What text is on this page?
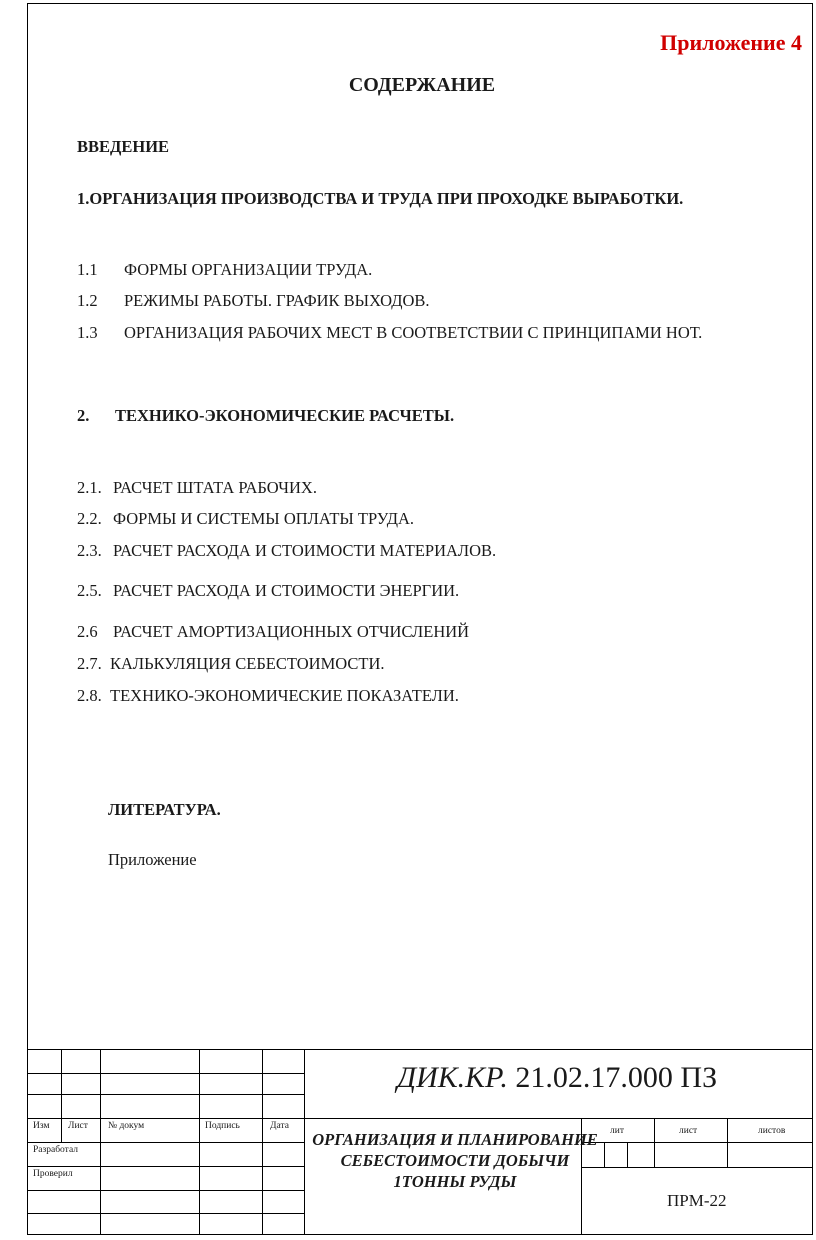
Приложение 4
СОДЕРЖАНИЕ
ВВЕДЕНИЕ
1.ОРГАНИЗАЦИЯ ПРОИЗВОДСТВА И ТРУДА ПРИ ПРОХОДКЕ ВЫРАБОТКИ.
1.1 ФОРМЫ ОРГАНИЗАЦИИ ТРУДА.
1.2 РЕЖИМЫ РАБОТЫ. ГРАФИК ВЫХОДОВ.
1.3 ОРГАНИЗАЦИЯ РАБОЧИХ МЕСТ В СООТВЕТСТВИИ С ПРИНЦИПАМИ НОТ.
2. ТЕХНИКО-ЭКОНОМИЧЕСКИЕ РАСЧЕТЫ.
2.1. РАСЧЕТ ШТАТА РАБОЧИХ.
2.2. ФОРМЫ И СИСТЕМЫ ОПЛАТЫ ТРУДА.
2.3. РАСЧЕТ РАСХОДА И СТОИМОСТИ МАТЕРИАЛОВ.
2.5. РАСЧЕТ РАСХОДА И СТОИМОСТИ ЭНЕРГИИ.
2.6 РАСЧЕТ АМОРТИЗАЦИОННЫХ ОТЧИСЛЕНИЙ
2.7. КАЛЬКУЛЯЦИЯ СЕБЕСТОИМОСТИ.
2.8. ТЕХНИКО-ЭКОНОМИЧЕСКИЕ ПОКАЗАТЕЛИ.
ЛИТЕРАТУРА.
Приложение
Изм Лист № докум	Подпись	Дата
Разработал
Проверил
ДИК.КР. 21.02.17.000 ПЗ
ОРГАНИЗАЦИЯ И ПЛАНИРОВАНИЕ СЕБЕСТОИМОСТИ ДОБЫЧИ 1ТОННЫ РУДЫ
лит	лист	листов
ПРМ-22
